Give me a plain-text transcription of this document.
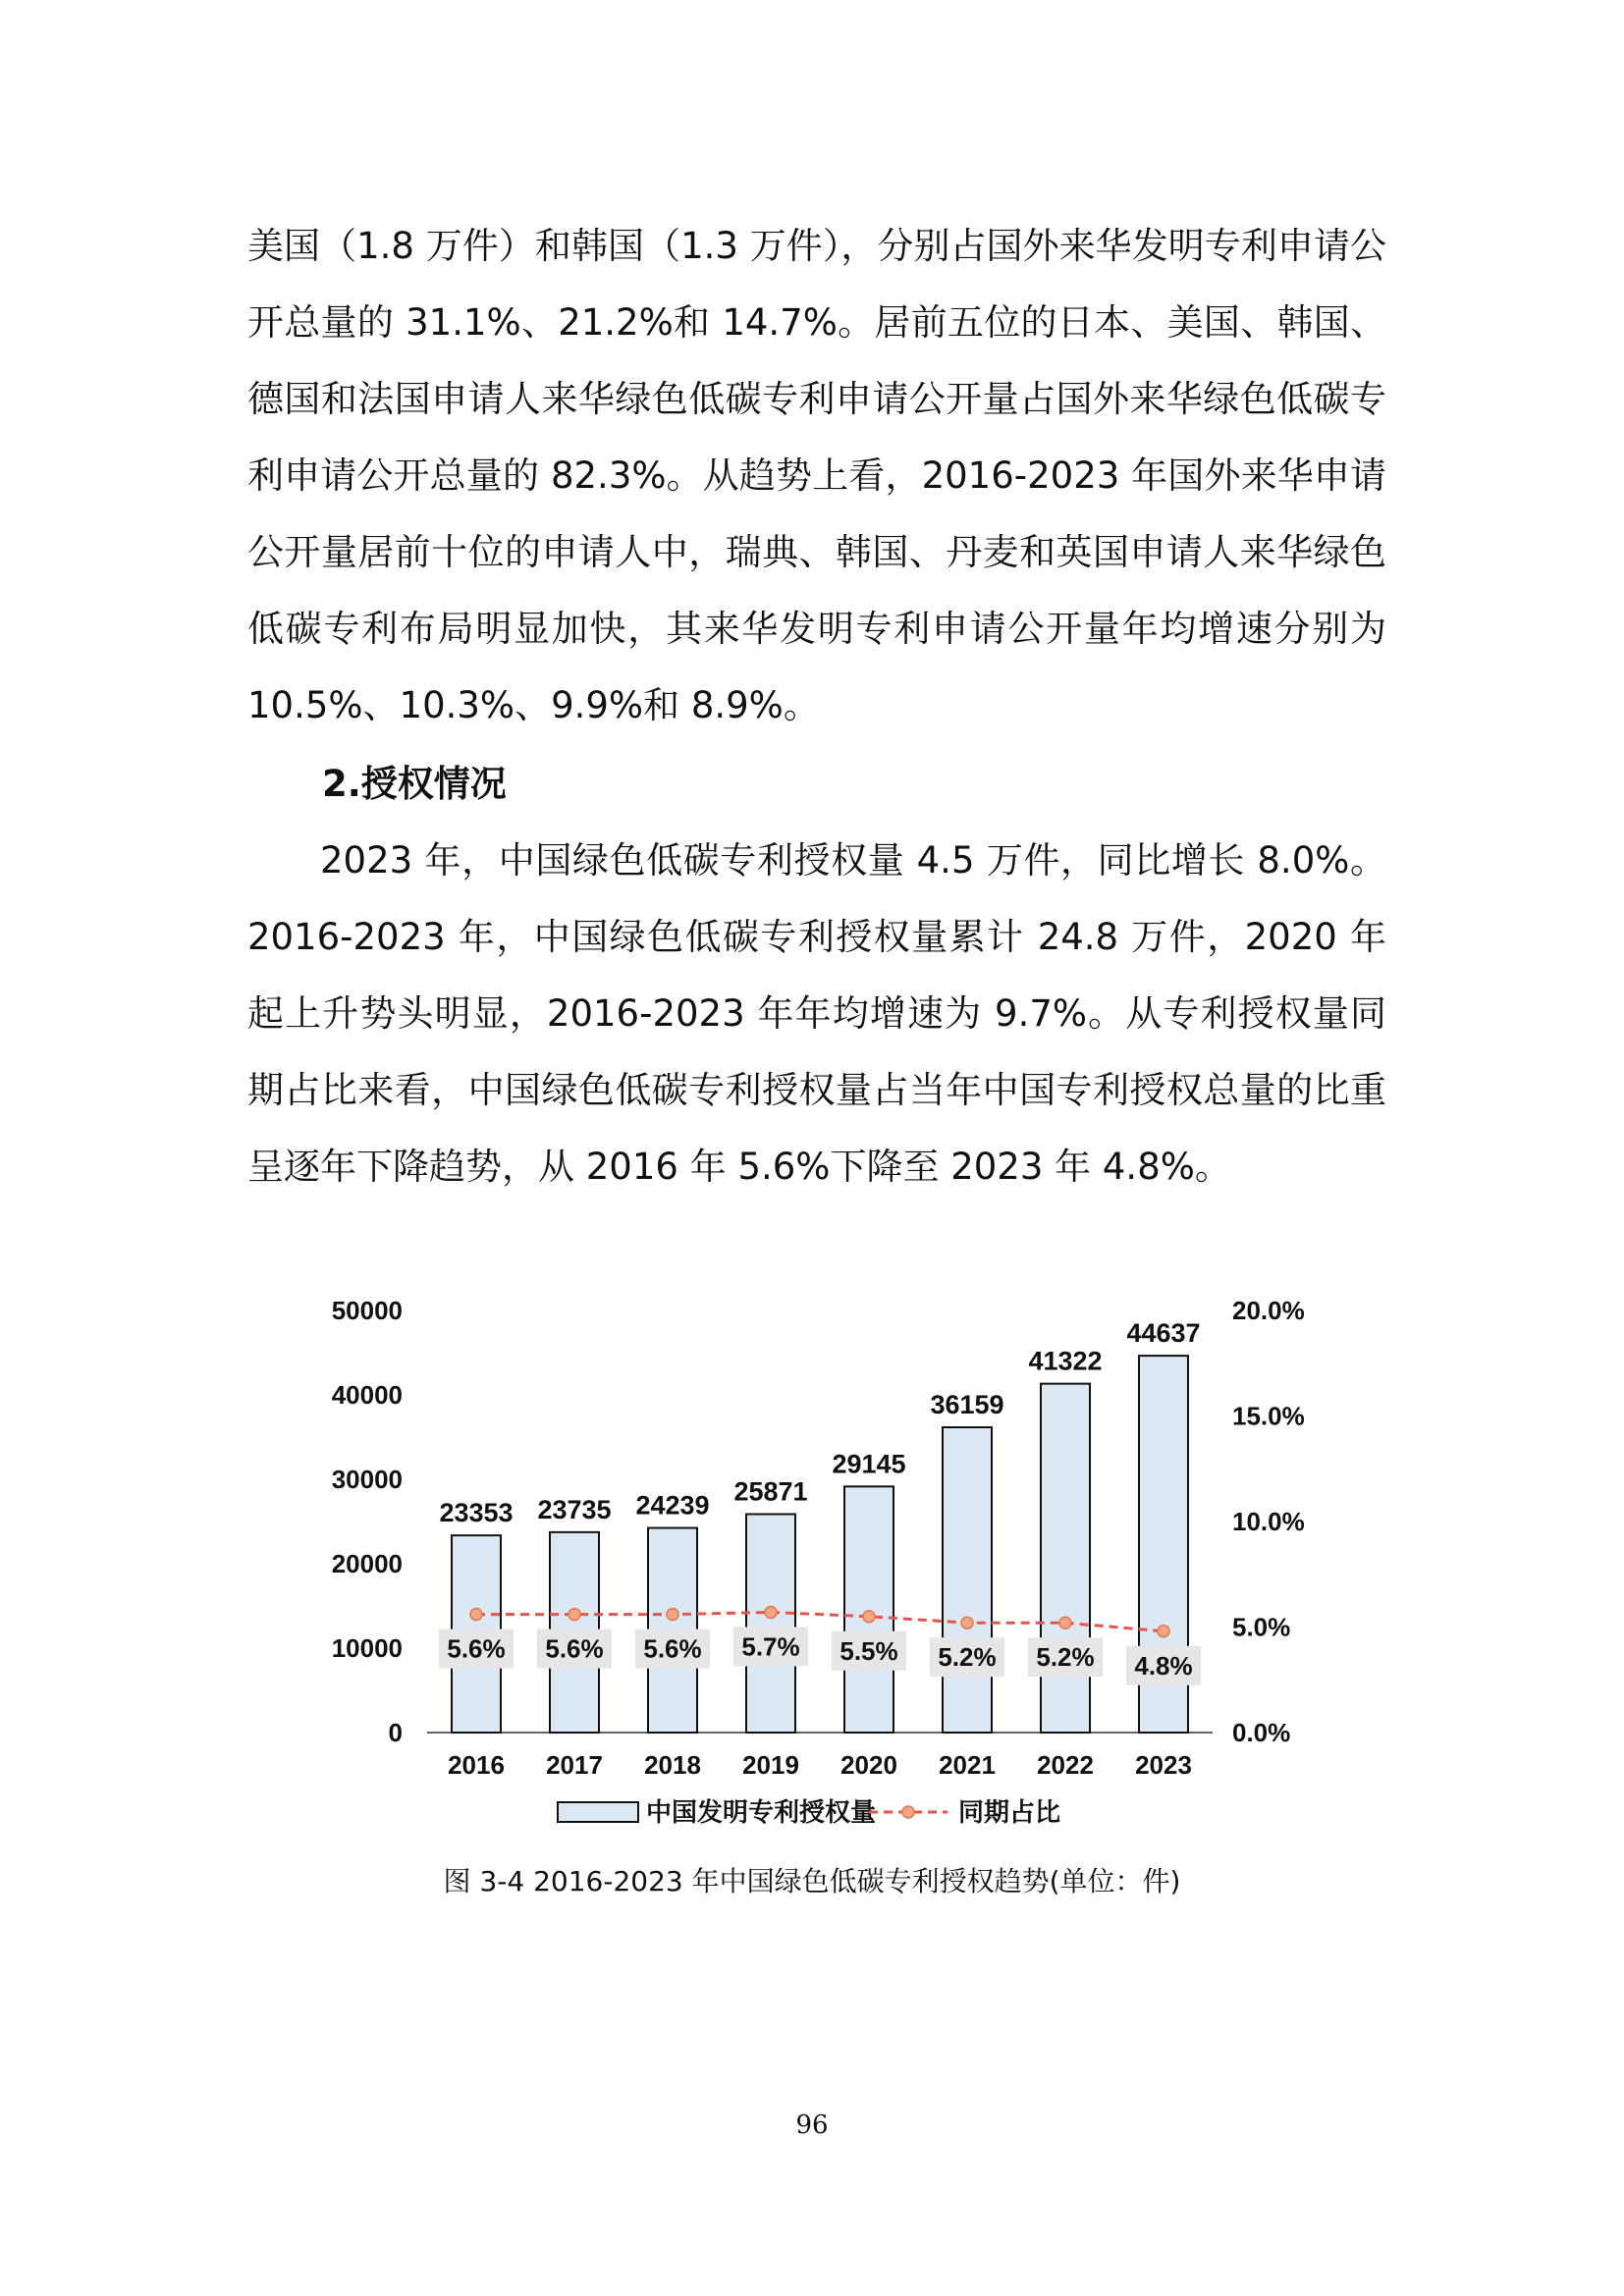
美国（1.8 万件）和韩国（1.3 万件），分别占国外来华发明专利申请公开总量的 31.1%、21.2%和 14.7%。居前五位的日本、美国、韩国、德国和法国申请人来华绿色低碳专利申请公开量占国外来华绿色低碳专利申请公开总量的 82.3%。从趋势上看，2016-2023 年国外来华申请公开量居前十位的申请人中，瑞典、韩国、丹麦和英国申请人来华绿色低碳专利布局明显加快，其来华发明专利申请公开量年均增速分别为 10.5%、10.3%、9.9%和 8.9%。

2.授权情况

2023 年，中国绿色低碳专利授权量 4.5 万件，同比增长 8.0%。2016-2023 年，中国绿色低碳专利授权量累计 24.8 万件，2020 年起上升势头明显，2016-2023 年年均增速为 9.7%。从专利授权量同期占比来看，中国绿色低碳专利授权量占当年中国专利授权总量的比重呈逐年下降趋势，从 2016 年 5.6%下降至 2023 年 4.8%。

0
10000
20000
30000
40000
50000
0.0%
5.0%
10.0%
15.0%
20.0%
23353
2016
23735
2017
24239
2018
25871
2019
29145
2020
36159
2021
41322
2022
44637
2023
5.6% 5.6% 5.6% 5.7% 5.5% 5.2% 5.2% 4.8%
中国发明专利授权量	同期占比
图 3-4 2016-2023 年中国绿色低碳专利授权趋势(单位：件)
96
